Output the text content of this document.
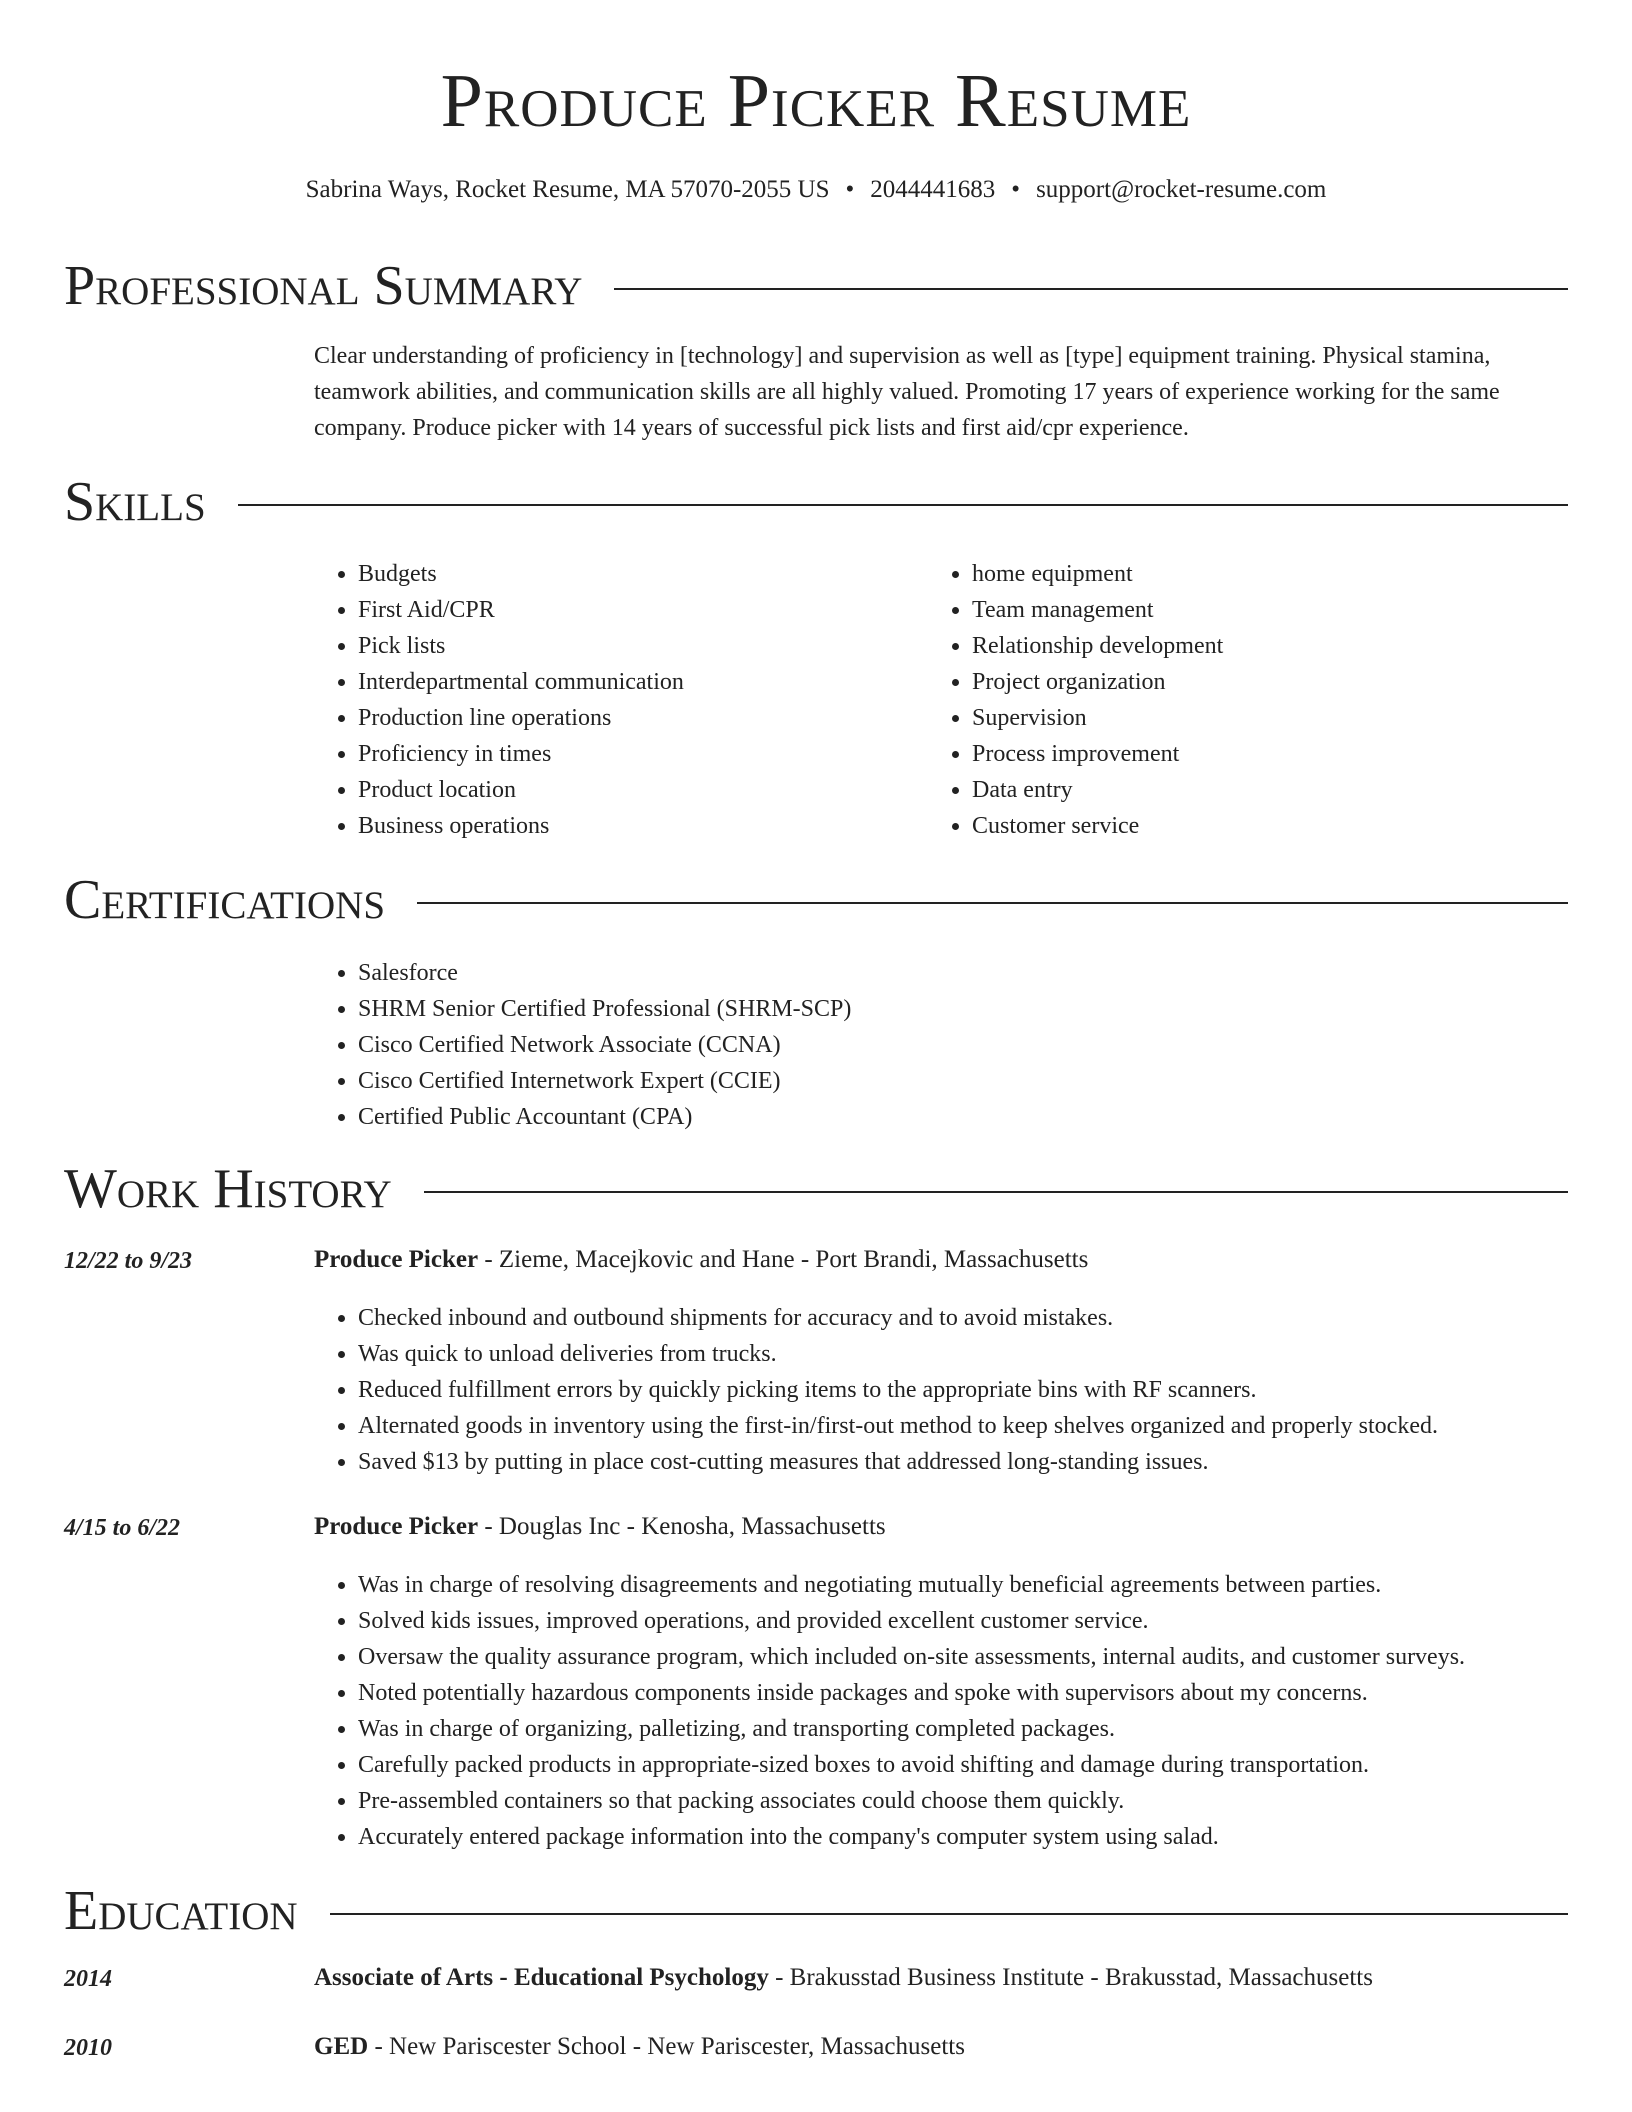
Produce Picker Resume
Sabrina Ways, Rocket Resume, MA 57070-2055 US • 2044441683 • support@rocket-resume.com
Professional Summary
Clear understanding of proficiency in [technology] and supervision as well as [type] equipment training. Physical stamina, teamwork abilities, and communication skills are all highly valued. Promoting 17 years of experience working for the same company. Produce picker with 14 years of successful pick lists and first aid/cpr experience.
Skills
• Budgets
• First Aid/CPR
• Pick lists
• Interdepartmental communication
• Production line operations
• Proficiency in times
• Product location
• Business operations
• home equipment
• Team management
• Relationship development
• Project organization
• Supervision
• Process improvement
• Data entry
• Customer service
Certifications
• Salesforce
• SHRM Senior Certified Professional (SHRM-SCP)
• Cisco Certified Network Associate (CCNA)
• Cisco Certified Internetwork Expert (CCIE)
• Certified Public Accountant (CPA)
Work History
12/22 to 9/23	Produce Picker - Zieme, Macejkovic and Hane - Port Brandi, Massachusetts
• Checked inbound and outbound shipments for accuracy and to avoid mistakes.
• Was quick to unload deliveries from trucks.
• Reduced fulfillment errors by quickly picking items to the appropriate bins with RF scanners.
• Alternated goods in inventory using the first-in/first-out method to keep shelves organized and properly stocked.
• Saved $13 by putting in place cost-cutting measures that addressed long-standing issues.
4/15 to 6/22	Produce Picker - Douglas Inc - Kenosha, Massachusetts
• Was in charge of resolving disagreements and negotiating mutually beneficial agreements between parties.
• Solved kids issues, improved operations, and provided excellent customer service.
• Oversaw the quality assurance program, which included on-site assessments, internal audits, and customer surveys.
• Noted potentially hazardous components inside packages and spoke with supervisors about my concerns.
• Was in charge of organizing, palletizing, and transporting completed packages.
• Carefully packed products in appropriate-sized boxes to avoid shifting and damage during transportation.
• Pre-assembled containers so that packing associates could choose them quickly.
• Accurately entered package information into the company's computer system using salad.
Education
2014	Associate of Arts - Educational Psychology - Brakusstad Business Institute - Brakusstad, Massachusetts
2010	GED - New Pariscester School - New Pariscester, Massachusetts
